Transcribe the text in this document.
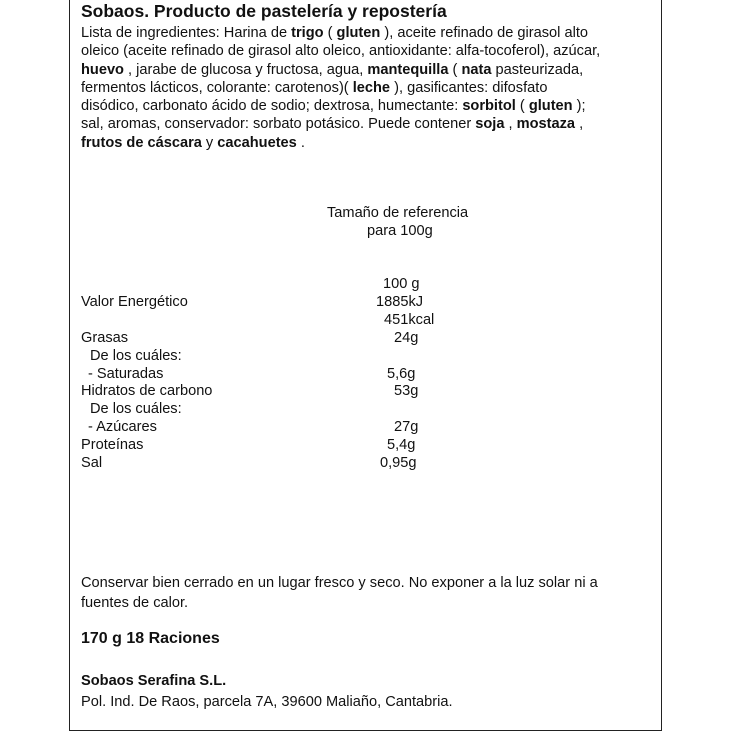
Sobaos. Producto de pastelería y repostería

Lista de ingredientes: Harina de trigo ( gluten ), aceite refinado de girasol alto

oleico (aceite refinado de girasol alto oleico, antioxidante: alfa-tocoferol), azúcar,

huevo , jarabe de glucosa y fructosa, agua, mantequilla ( nata pasteurizada,

fermentos lácticos, colorante: carotenos)( leche ), gasificantes: difosfato

disódico, carbonato ácido de sodio; dextrosa, humectante: sorbitol ( gluten );

sal, aromas, conservador: sorbato potásico. Puede contener soja , mostaza ,

frutos de cáscara y cacahuetes .

Tamaño de referencia
para 100g
100 g
Valor Energético	1885kJ
451kcal
Grasas	24g
De los cuáles:
- Saturadas	5,6g
Hidratos de carbono	53g
De los cuáles:
- Azúcares	27g
Proteínas	5,4g
Sal	0,95g

Conservar bien cerrado en un lugar fresco y seco. No exponer a la luz solar ni a

fuentes de calor.

170 g 18 Raciones
Sobaos Serafina S.L.
Pol. Ind. De Raos, parcela 7A, 39600 Maliaño, Cantabria.
